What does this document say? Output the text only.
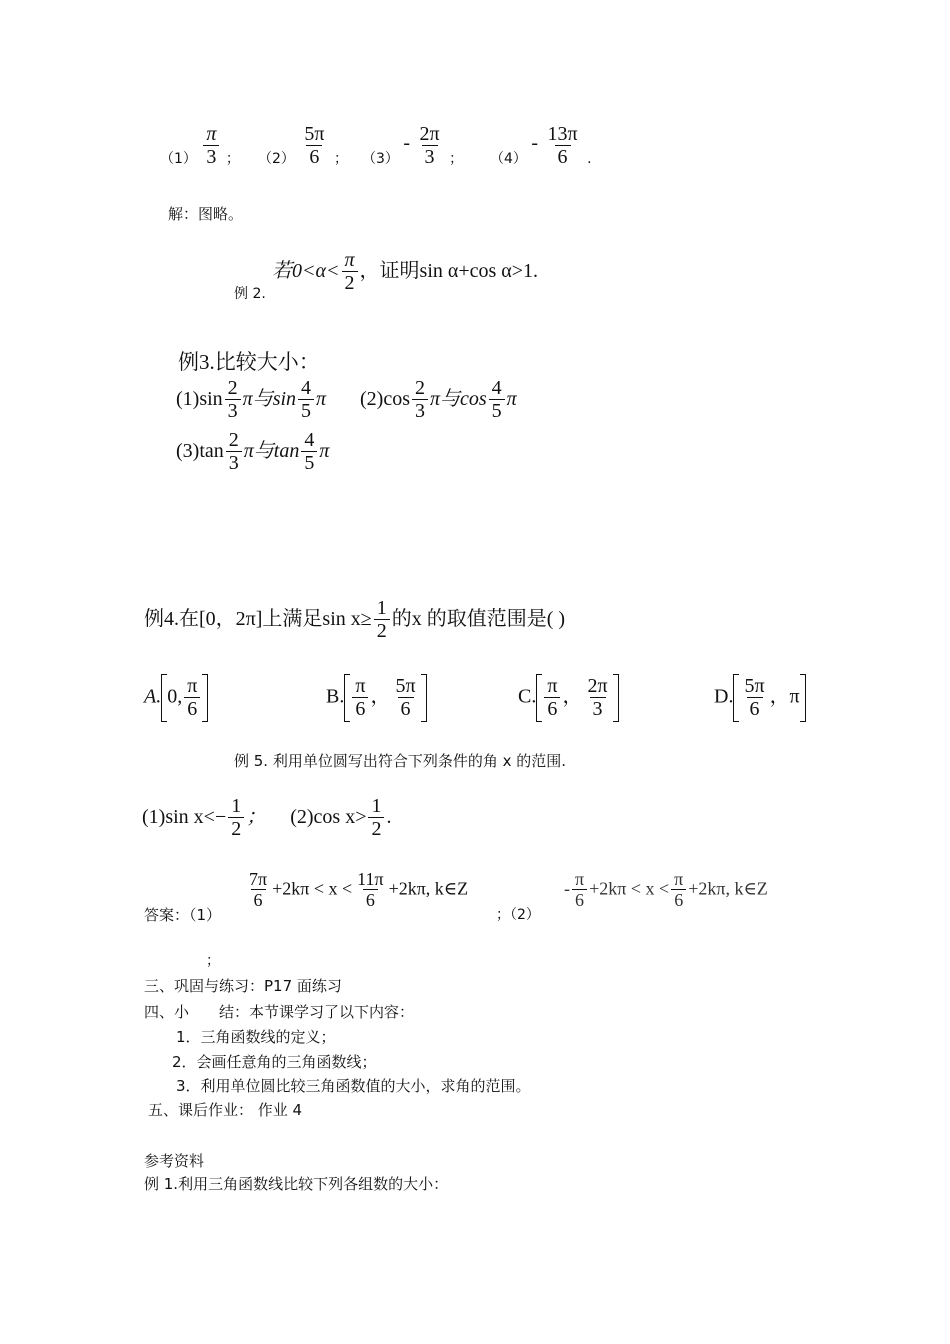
$(1) \frac{\pi}{3}$ ； $(2) \frac{5\pi}{6}$ ； $(3) - \frac{2\pi}{3}$ ； $(4) - \frac{13\pi}{6}$ .
解：图略。
例 2.
若$0<\alpha< \frac{\pi}{2}$ ，证明sin α+cos α>1.
例3.比较大小：
$(1)\sin \frac{2}{3}$ π与$\sin \frac{4}{5}$ π $(2)\cos \frac{2}{3}$ π与$\cos \frac{4}{5}$ π
$(3)\tan \frac{2}{3}$ π与$\tan \frac{4}{5}$ π
例4.在[0，2π]上满足$\sin x\ge \frac{1}{2}$ 的x 的取值范围是( )
A. 0, $\frac{\pi}{6}$	B. $\frac{\pi}{6}$ ， $\frac{5\pi}{6}$	C. $\frac{\pi}{6}$ ， $\frac{2\pi}{3}$	D. $\frac{5\pi}{6}$ ，π
例 5. 利用单位圆写出符合下列条件的角 x 的范围.
(1)sin $x<- \frac{1}{2}$ ； (2)cos $x> \frac{1}{2}$ .
答案：（1）
$\frac{7\pi}{6} +2k\pi < x < \frac{11\pi}{6} +2k\pi$, k∈Z
；（2）
- $\frac{\pi}{6} +2k\pi < x < \frac{\pi}{6} +2k\pi$, k∈Z
；
三、巩固与练习：P17 面练习
四、小　　结：本节课学习了以下内容：
1．三角函数线的定义；
2．会画任意角的三角函数线；
3．利用单位圆比较三角函数值的大小，求角的范围。
五、课后作业： 作业 4
参考资料
例 1.利用三角函数线比较下列各组数的大小：
